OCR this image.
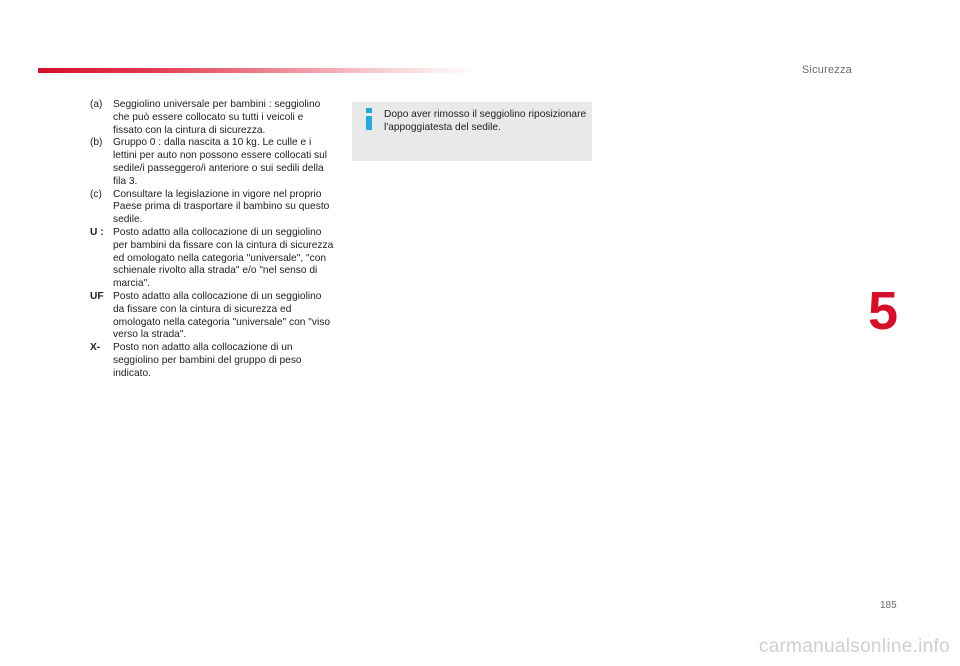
Sicurezza
(a)	Seggiolino universale per bambini : seggiolino che può essere collocato su tutti i veicoli e fissato con la cintura di sicurezza.
(b)	Gruppo 0 : dalla nascita a 10 kg. Le culle e i lettini per auto non possono essere collocati sul sedile/i passeggero/i anteriore o sui sedili della fila 3.
(c)	Consultare la legislazione in vigore nel proprio Paese prima di trasportare il bambino su questo sedile.
U : Posto adatto alla collocazione di un seggiolino per bambini da fissare con la cintura di sicurezza ed omologato nella categoria "universale", "con schienale rivolto alla strada" e/o "nel senso di marcia".
UF Posto adatto alla collocazione di un seggiolino da fissare con la cintura di sicurezza ed omologato nella categoria "universale" con "viso verso la strada".
X-	Posto non adatto alla collocazione di un seggiolino per bambini del gruppo di peso indicato.
Dopo aver rimosso il seggiolino riposizionare l'appoggiatesta del sedile.
5
185
carmanualsonline.info
